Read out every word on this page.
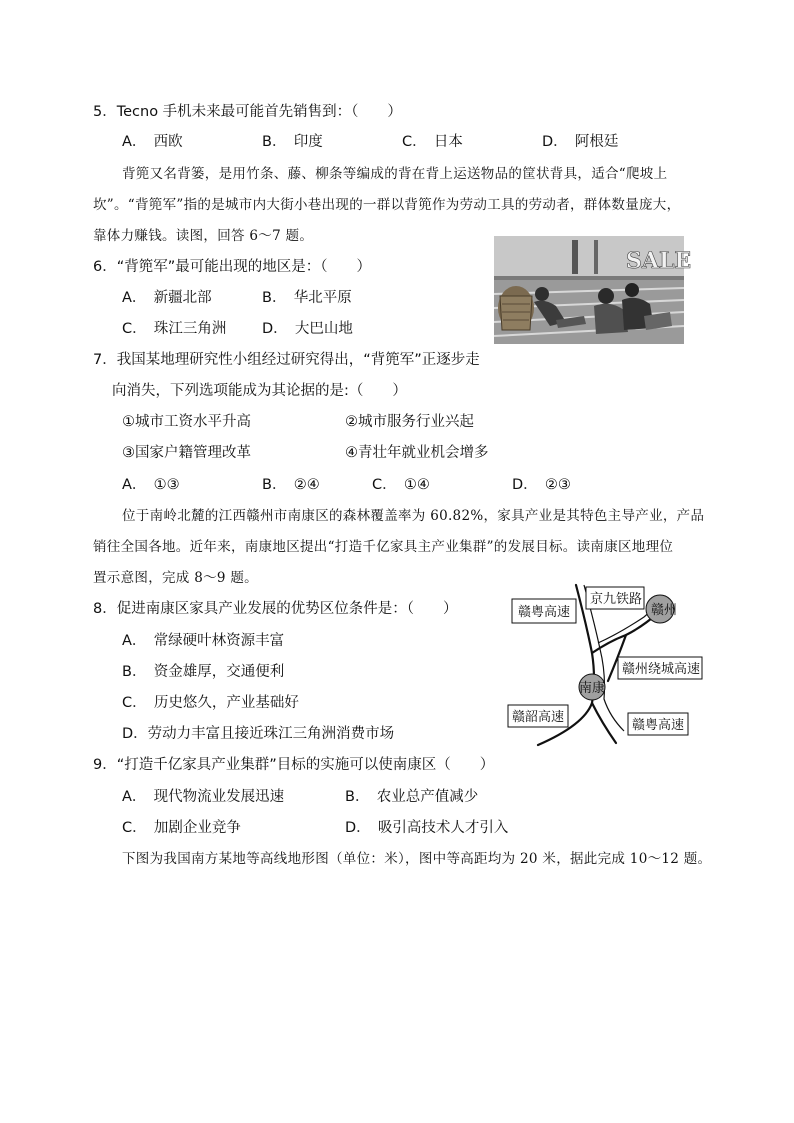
5．Tecno 手机未来最可能首先销售到：（　　）
A．　西欧	B．　印度	C．　日本	D．　阿根廷
背篼又名背篓，是用竹条、藤、柳条等编成的背在背上运送物品的筐状背具，适合“爬坡上
坎”。“背篼军”指的是城市内大街小巷出现的一群以背篼作为劳动工具的劳动者，群体数量庞大，
靠体力赚钱。读图，回答 6～7 题。
SALE
6．“背篼军”最可能出现的地区是：（　　）
A．　新疆北部	B．　华北平原
C．　珠江三角洲 D．　大巴山地
7．我国某地理研究性小组经过研究得出，“背篼军”正逐步走
向消失，下列选项能成为其论据的是:（　　）
①城市工资水平升高	②城市服务行业兴起
③国家户籍管理改革	④青壮年就业机会增多
A．　①③	B．　②④	C．　①④	D．　②③
位于南岭北麓的江西赣州市南康区的森林覆盖率为 60.82%，家具产业是其特色主导产业，产品
销往全国各地。近年来，南康地区提出“打造千亿家具主产业集群”的发展目标。读南康区地理位
置示意图，完成 8～9 题。
赣州
南康
赣粤高速
京九铁路
赣州绕城高速
赣韶高速
赣粤高速
8．促进南康区家具产业发展的优势区位条件是：（　　）
A．　常绿硬叶林资源丰富
B．　资金雄厚，交通便利
C．　历史悠久，产业基础好
D．劳动力丰富且接近珠江三角洲消费市场
9．“打造千亿家具产业集群”目标的实施可以使南康区（　　）
A．　现代物流业发展迅速	B．　农业总产值减少
C．　加剧企业竞争	D．　吸引高技术人才引入
下图为我国南方某地等高线地形图（单位：米），图中等高距均为 20 米，据此完成 10～12 题。
